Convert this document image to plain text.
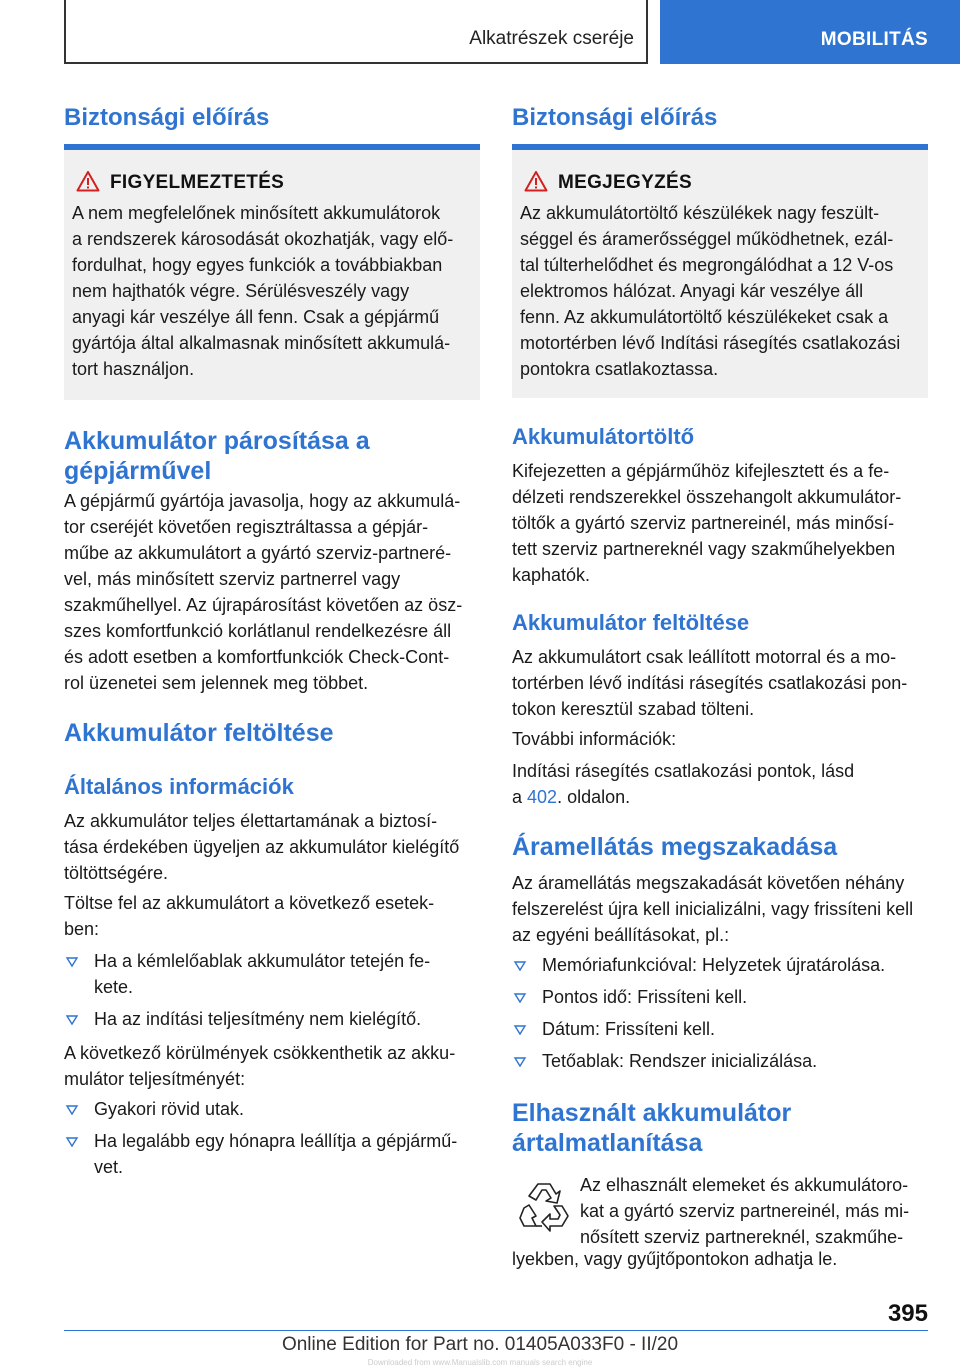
Alkatrészek cseréje	MOBILITÁS
Biztonsági előírás
FIGYELMEZTETÉS
A nem megfelelőnek minősített akkumulátorok
a rendszerek károsodását okozhatják, vagy elő-
fordulhat, hogy egyes funkciók a továbbiakban
nem hajthatók végre. Sérülésveszély vagy
anyagi kár veszélye áll fenn. Csak a gépjármű
gyártója által alkalmasnak minősített akkumulá-
tort használjon.
Akkumulátor párosítása a
gépjárművel
A gépjármű gyártója javasolja, hogy az akkumulá-
tor cseréjét követően regisztráltassa a gépjár-
műbe az akkumulátort a gyártó szerviz-partneré-
vel, más minősített szerviz partnerrel vagy
szakműhellyel. Az újrapárosítást követően az ösz-
szes komfortfunkció korlátlanul rendelkezésre áll
és adott esetben a komfortfunkciók Check-Cont-
rol üzenetei sem jelennek meg többet.
Akkumulátor feltöltése
Általános információk
Az akkumulátor teljes élettartamának a biztosí-
tása érdekében ügyeljen az akkumulátor kielégítő
töltöttségére.
Töltse fel az akkumulátort a következő esetek-
ben:
Ha a kémlelőablak akkumulátor tetején fe-
kete.
Ha az indítási teljesítmény nem kielégítő.
A következő körülmények csökkenthetik az akku-
mulátor teljesítményét:
Gyakori rövid utak.
Ha legalább egy hónapra leállítja a gépjármű-
vet.
Biztonsági előírás
MEGJEGYZÉS
Az akkumulátortöltő készülékek nagy feszült-
séggel és áramerősséggel működhetnek, ezál-
tal túlterhelődhet és megrongálódhat a 12 V-os
elektromos hálózat. Anyagi kár veszélye áll
fenn. Az akkumulátortöltő készülékeket csak a
motortérben lévő Indítási rásegítés csatlakozási
pontokra csatlakoztassa.
Akkumulátortöltő
Kifejezetten a gépjárműhöz kifejlesztett és a fe-
délzeti rendszerekkel összehangolt akkumulátor-
töltők a gyártó szerviz partnereinél, más minősí-
tett szerviz partnereknél vagy szakműhelyekben
kaphatók.
Akkumulátor feltöltése
Az akkumulátort csak leállított motorral és a mo-
tortérben lévő indítási rásegítés csatlakozási pon-
tokon keresztül szabad tölteni.
További információk:
Indítási rásegítés csatlakozási pontok, lásd
a 402. oldalon.
Áramellátás megszakadása
Az áramellátás megszakadását követően néhány
felszerelést újra kell inicializálni, vagy frissíteni kell
az egyéni beállításokat, pl.:
Memóriafunkcióval: Helyzetek újratárolása.
Pontos idő: Frissíteni kell.
Dátum: Frissíteni kell.
Tetőablak: Rendszer inicializálása.
Elhasznált akkumulátor
ártalmatlanítása
Az elhasznált elemeket és akkumulátoro-
kat a gyártó szerviz partnereinél, más mi-
nősített szerviz partnereknél, szakműhe-
lyekben, vagy gyűjtőpontokon adhatja le.
395
Online Edition for Part no. 01405A033F0 - II/20
Downloaded from www.Manualslib.com manuals search engine
